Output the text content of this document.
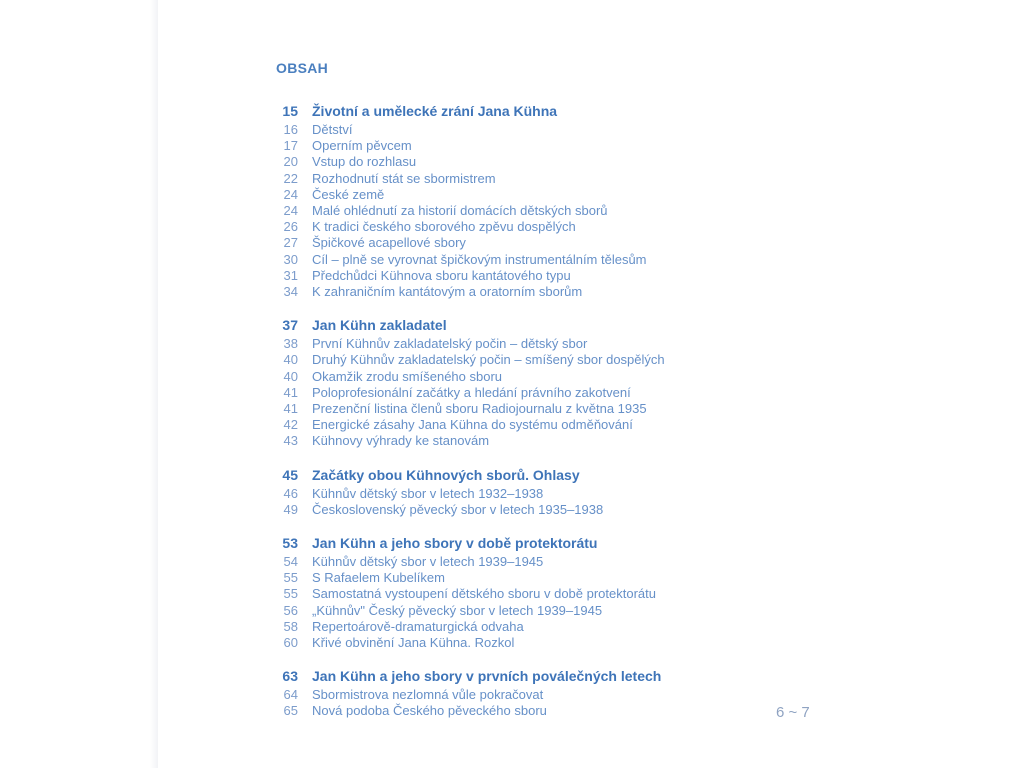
OBSAH
15 Životní a umělecké zrání Jana Kühna
16 Dětství
17 Operním pěvcem
20 Vstup do rozhlasu
22 Rozhodnutí stát se sbormistrem
24 České země
24 Malé ohlédnutí za historií domácích dětských sborů
26 K tradici českého sborového zpěvu dospělých
27 Špičkové acapellové sbory
30 Cíl – plně se vyrovnat špičkovým instrumentálním tělesům
31 Předchůdci Kühnova sboru kantátového typu
34 K zahraničním kantátovým a oratorním sborům
37 Jan Kühn zakladatel
38 První Kühnův zakladatelský počin – dětský sbor
40 Druhý Kühnův zakladatelský počin – smíšený sbor dospělých
40 Okamžik zrodu smíšeného sboru
41 Poloprofesionální začátky a hledání právního zakotvení
41 Prezenční listina členů sboru Radiojournalu z května 1935
42 Energické zásahy Jana Kühna do systému odměňování
43 Kühnovy výhrady ke stanovám
45 Začátky obou Kühnových sborů. Ohlasy
46 Kühnův dětský sbor v letech 1932–1938
49 Československý pěvecký sbor v letech 1935–1938
53 Jan Kühn a jeho sbory v době protektorátu
54 Kühnův dětský sbor v letech 1939–1945
55 S Rafaelem Kubelíkem
55 Samostatná vystoupení dětského sboru v době protektorátu
56 „Kühnův" Český pěvecký sbor v letech 1939–1945
58 Repertoárově-dramaturgická odvaha
60 Křivé obvinění Jana Kühna. Rozkol
63 Jan Kühn a jeho sbory v prvních poválečných letech
64 Sbormistrova nezlomná vůle pokračovat
65 Nová podoba Českého pěveckého sboru	6 ~ 7
